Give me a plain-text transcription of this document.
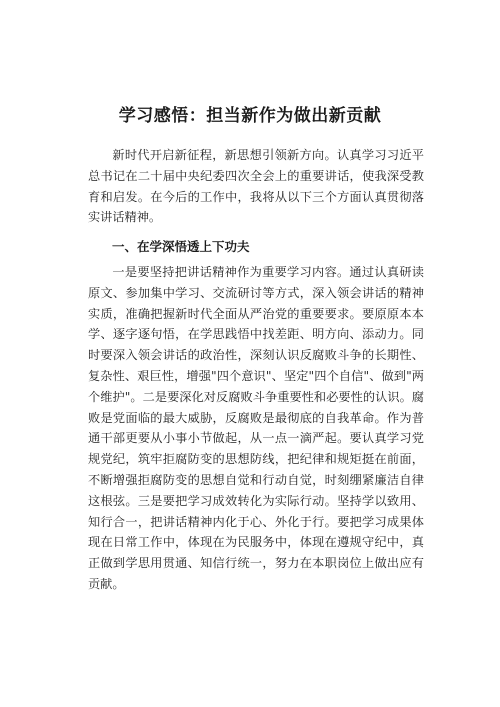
学习感悟：担当新作为做出新贡献

新时代开启新征程，新思想引领新方向。认真学习习近平总书记在二十届中央纪委四次全会上的重要讲话，使我深受教育和启发。在今后的工作中，我将从以下三个方面认真贯彻落实讲话精神。

一、在学深悟透上下功夫

一是要坚持把讲话精神作为重要学习内容。通过认真研读原文、参加集中学习、交流研讨等方式，深入领会讲话的精神实质，准确把握新时代全面从严治党的重要要求。要原原本本学、逐字逐句悟，在学思践悟中找差距、明方向、添动力。同时要深入领会讲话的政治性，深刻认识反腐败斗争的长期性、复杂性、艰巨性，增强"四个意识"、坚定"四个自信"、做到"两个维护"。二是要深化对反腐败斗争重要性和必要性的认识。腐败是党面临的最大威胁，反腐败是最彻底的自我革命。作为普通干部更要从小事小节做起，从一点一滴严起。要认真学习党规党纪，筑牢拒腐防变的思想防线，把纪律和规矩挺在前面，不断增强拒腐防变的思想自觉和行动自觉，时刻绷紧廉洁自律这根弦。三是要把学习成效转化为实际行动。坚持学以致用、知行合一，把讲话精神内化于心、外化于行。要把学习成果体现在日常工作中，体现在为民服务中，体现在遵规守纪中，真正做到学思用贯通、知信行统一，努力在本职岗位上做出应有贡献。
